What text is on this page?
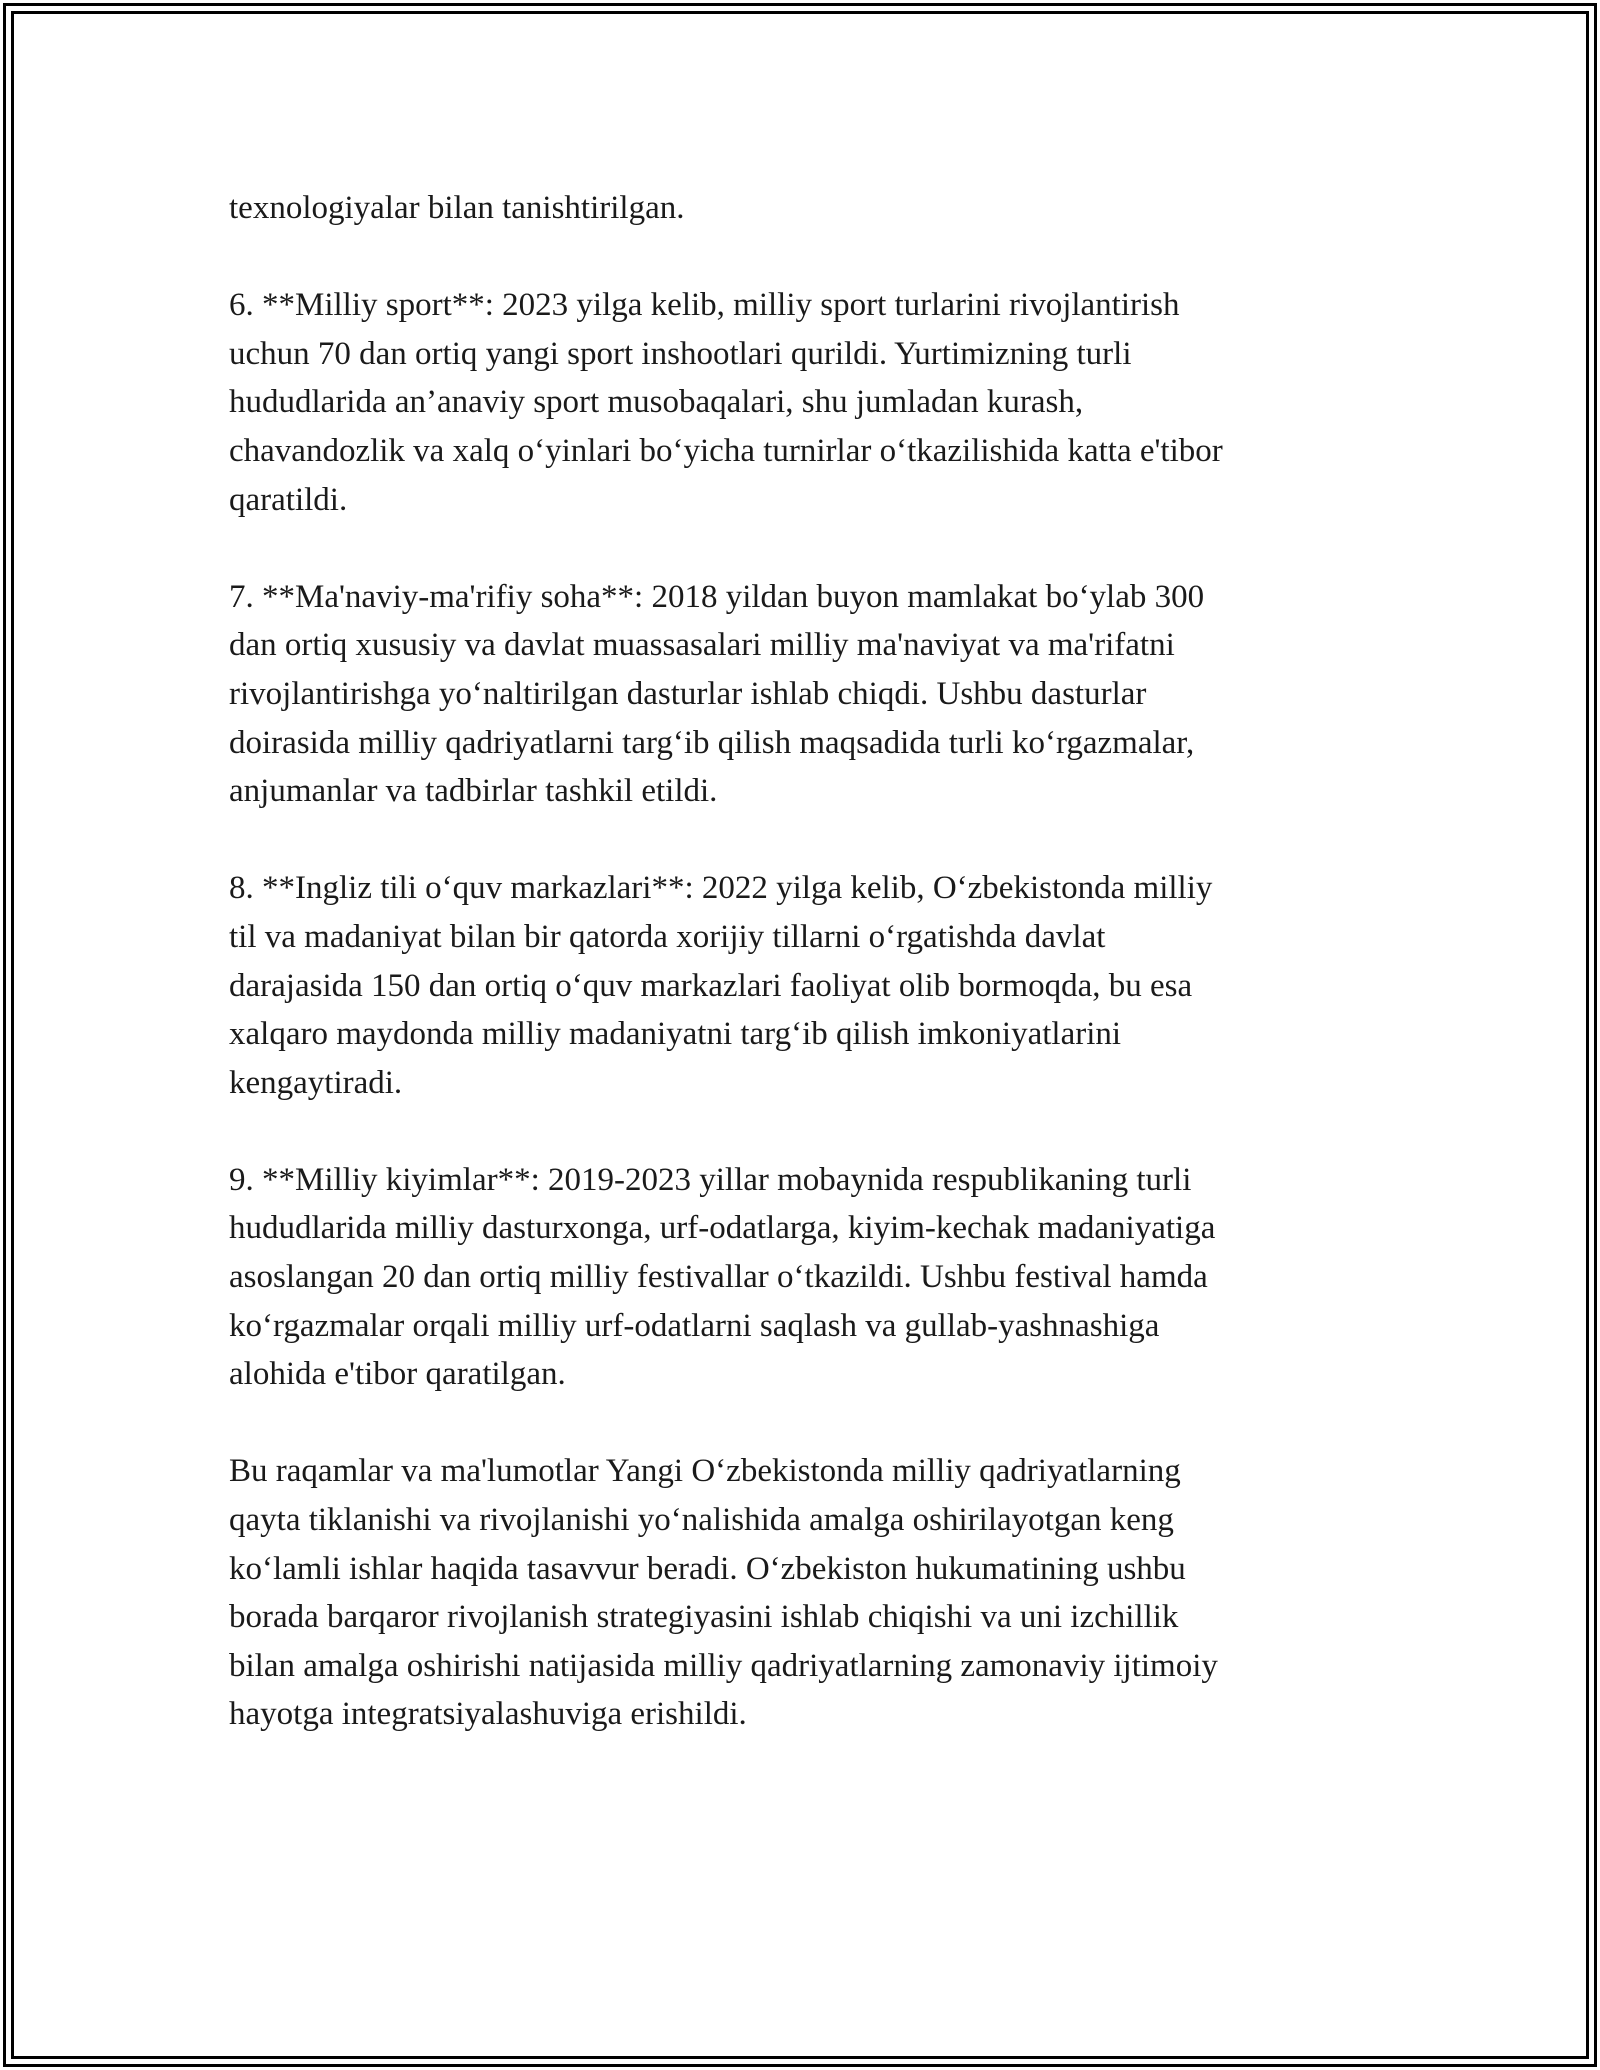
texnologiyalar bilan tanishtirilgan.

6. **Milliy sport**: 2023 yilga kelib, milliy sport turlarini rivojlantirish
uchun 70 dan ortiq yangi sport inshootlari qurildi. Yurtimizning turli
hududlarida an’anaviy sport musobaqalari, shu jumladan kurash,
chavandozlik va xalq o‘yinlari bo‘yicha turnirlar o‘tkazilishida katta e'tibor
qaratildi.

7. **Ma'naviy-ma'rifiy soha**: 2018 yildan buyon mamlakat bo‘ylab 300
dan ortiq xususiy va davlat muassasalari milliy ma'naviyat va ma'rifatni
rivojlantirishga yo‘naltirilgan dasturlar ishlab chiqdi. Ushbu dasturlar
doirasida milliy qadriyatlarni targ‘ib qilish maqsadida turli ko‘rgazmalar,
anjumanlar va tadbirlar tashkil etildi.

8. **Ingliz tili o‘quv markazlari**: 2022 yilga kelib, O‘zbekistonda milliy
til va madaniyat bilan bir qatorda xorijiy tillarni o‘rgatishda davlat
darajasida 150 dan ortiq o‘quv markazlari faoliyat olib bormoqda, bu esa
xalqaro maydonda milliy madaniyatni targ‘ib qilish imkoniyatlarini
kengaytiradi.

9. **Milliy kiyimlar**: 2019-2023 yillar mobaynida respublikaning turli
hududlarida milliy dasturxonga, urf-odatlarga, kiyim-kechak madaniyatiga
asoslangan 20 dan ortiq milliy festivallar o‘tkazildi. Ushbu festival hamda
ko‘rgazmalar orqali milliy urf-odatlarni saqlash va gullab-yashnashiga
alohida e'tibor qaratilgan.

Bu raqamlar va ma'lumotlar Yangi O‘zbekistonda milliy qadriyatlarning
qayta tiklanishi va rivojlanishi yo‘nalishida amalga oshirilayotgan keng
ko‘lamli ishlar haqida tasavvur beradi. O‘zbekiston hukumatining ushbu
borada barqaror rivojlanish strategiyasini ishlab chiqishi va uni izchillik
bilan amalga oshirishi natijasida milliy qadriyatlarning zamonaviy ijtimoiy
hayotga integratsiyalashuviga erishildi.
